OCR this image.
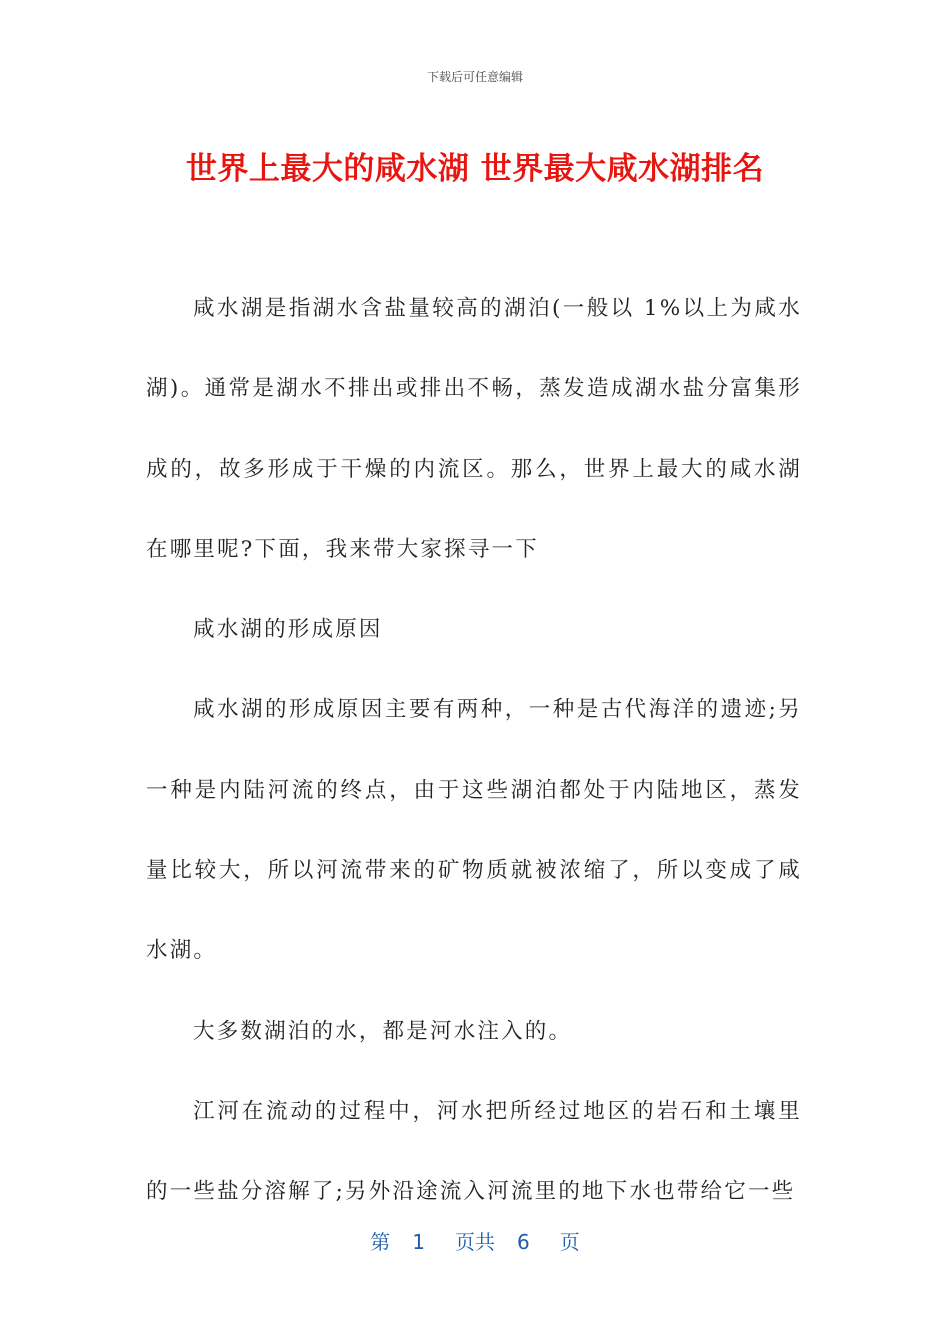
下载后可任意编辑
世界上最大的咸水湖 世界最大咸水湖排名

咸水湖是指湖水含盐量较高的湖泊(一般以 1%以上为咸水湖)。通常是湖水不排出或排出不畅，蒸发造成湖水盐分富集形成的，故多形成于干燥的内流区。那么，世界上最大的咸水湖在哪里呢?下面，我来带大家探寻一下

咸水湖的形成原因

咸水湖的形成原因主要有两种，一种是古代海洋的遗迹;另一种是内陆河流的终点，由于这些湖泊都处于内陆地区，蒸发量比较大，所以河流带来的矿物质就被浓缩了，所以变成了咸水湖。

大多数湖泊的水，都是河水注入的。

江河在流动的过程中，河水把所经过地区的岩石和土壤里的一些盐分溶解了;另外沿途流入河流里的地下水也带给它一些

第 1 页共 6 页
